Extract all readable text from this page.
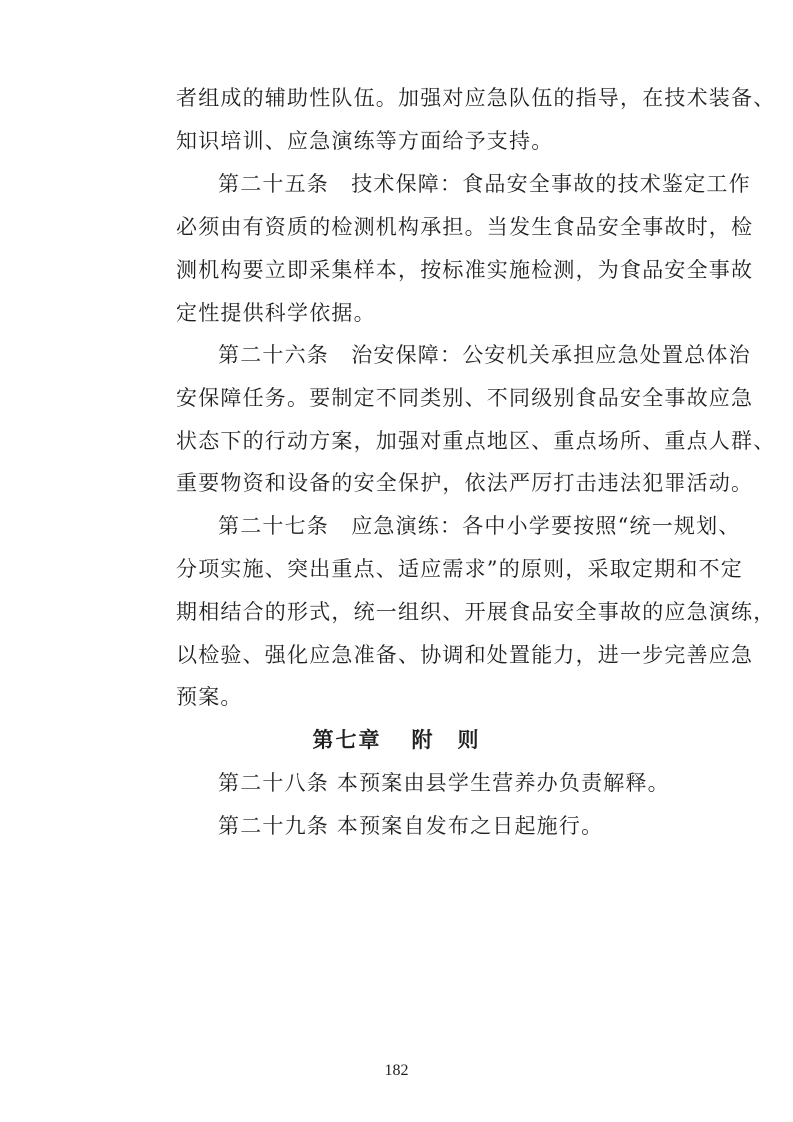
者组成的辅助性队伍。加强对应急队伍的指导，在技术装备、
知识培训、应急演练等方面给予支持。
第二十五条　技术保障：食品安全事故的技术鉴定工作
必须由有资质的检测机构承担。当发生食品安全事故时，检
测机构要立即采集样本，按标准实施检测，为食品安全事故
定性提供科学依据。
第二十六条　治安保障：公安机关承担应急处置总体治
安保障任务。要制定不同类别、不同级别食品安全事故应急
状态下的行动方案，加强对重点地区、重点场所、重点人群、
重要物资和设备的安全保护，依法严厉打击违法犯罪活动。
第二十七条　应急演练：各中小学要按照“统一规划、
分项实施、突出重点、适应需求”的原则，采取定期和不定
期相结合的形式，统一组织、开展食品安全事故的应急演练，
以检验、强化应急准备、协调和处置能力，进一步完善应急
预案。
第七章 附　则
第二十八条 本预案由县学生营养办负责解释。
第二十九条 本预案自发布之日起施行。
182
